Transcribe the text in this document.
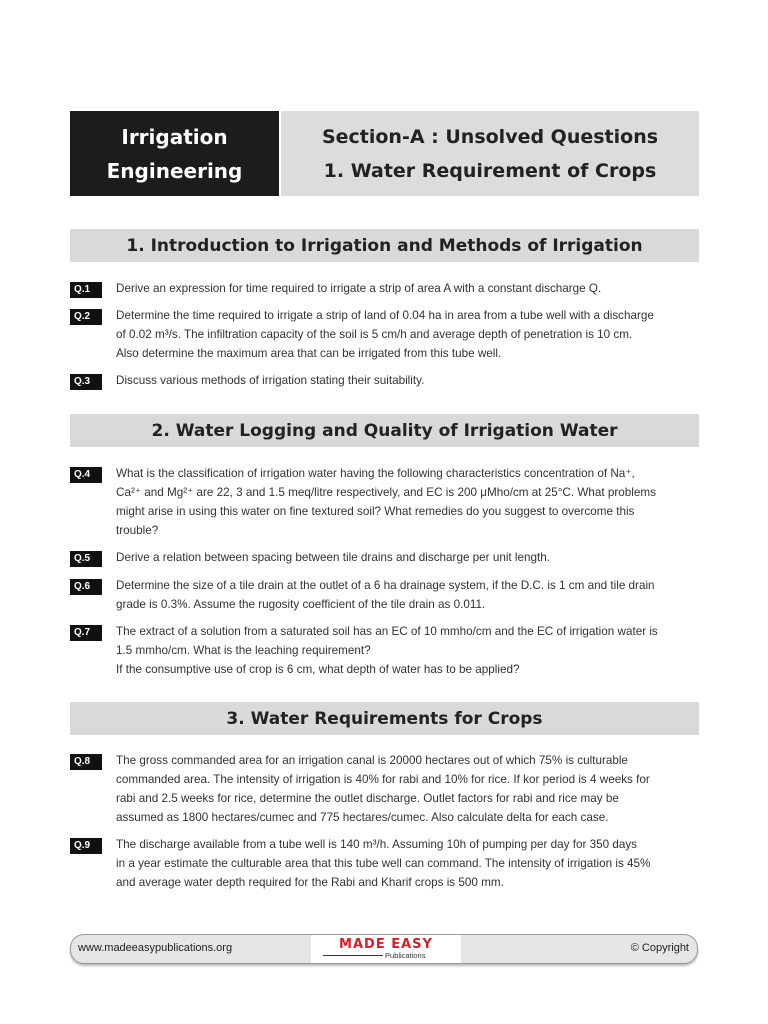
Irrigation
Engineering
Section-A : Unsolved Questions
1. Water Requirement of Crops
1. Introduction to Irrigation and Methods of Irrigation
Q.1	Derive an expression for time required to irrigate a strip of area A with a constant discharge Q.
Q.2	Determine the time required to irrigate a strip of land of 0.04 ha in area from a tube well with a discharge
of 0.02 m³/s. The infiltration capacity of the soil is 5 cm/h and average depth of penetration is 10 cm.
Also determine the maximum area that can be irrigated from this tube well.
Q.3	Discuss various methods of irrigation stating their suitability.
2. Water Logging and Quality of Irrigation Water
Q.4	What is the classification of irrigation water having the following characteristics concentration of Na⁺,
Ca²⁺ and Mg²⁺ are 22, 3 and 1.5 meq/litre respectively, and EC is 200 μMho/cm at 25°C. What problems
might arise in using this water on fine textured soil? What remedies do you suggest to overcome this
trouble?
Q.5	Derive a relation between spacing between tile drains and discharge per unit length.
Q.6	Determine the size of a tile drain at the outlet of a 6 ha drainage system, if the D.C. is 1 cm and tile drain
grade is 0.3%. Assume the rugosity coefficient of the tile drain as 0.011.
Q.7	The extract of a solution from a saturated soil has an EC of 10 mmho/cm and the EC of irrigation water is
1.5 mmho/cm. What is the leaching requirement?
If the consumptive use of crop is 6 cm, what depth of water has to be applied?
3. Water Requirements for Crops
Q.8	The gross commanded area for an irrigation canal is 20000 hectares out of which 75% is culturable
commanded area. The intensity of irrigation is 40% for rabi and 10% for rice. If kor period is 4 weeks for
rabi and 2.5 weeks for rice, determine the outlet discharge. Outlet factors for rabi and rice may be
assumed as 1800 hectares/cumec and 775 hectares/cumec. Also calculate delta for each case.
Q.9	The discharge available from a tube well is 140 m³/h. Assuming 10h of pumping per day for 350 days
in a year estimate the culturable area that this tube well can command. The intensity of irrigation is 45%
and average water depth required for the Rabi and Kharif crops is 500 mm.
www.madeeasypublications.org	MADE EASY
Publications
© Copyright
